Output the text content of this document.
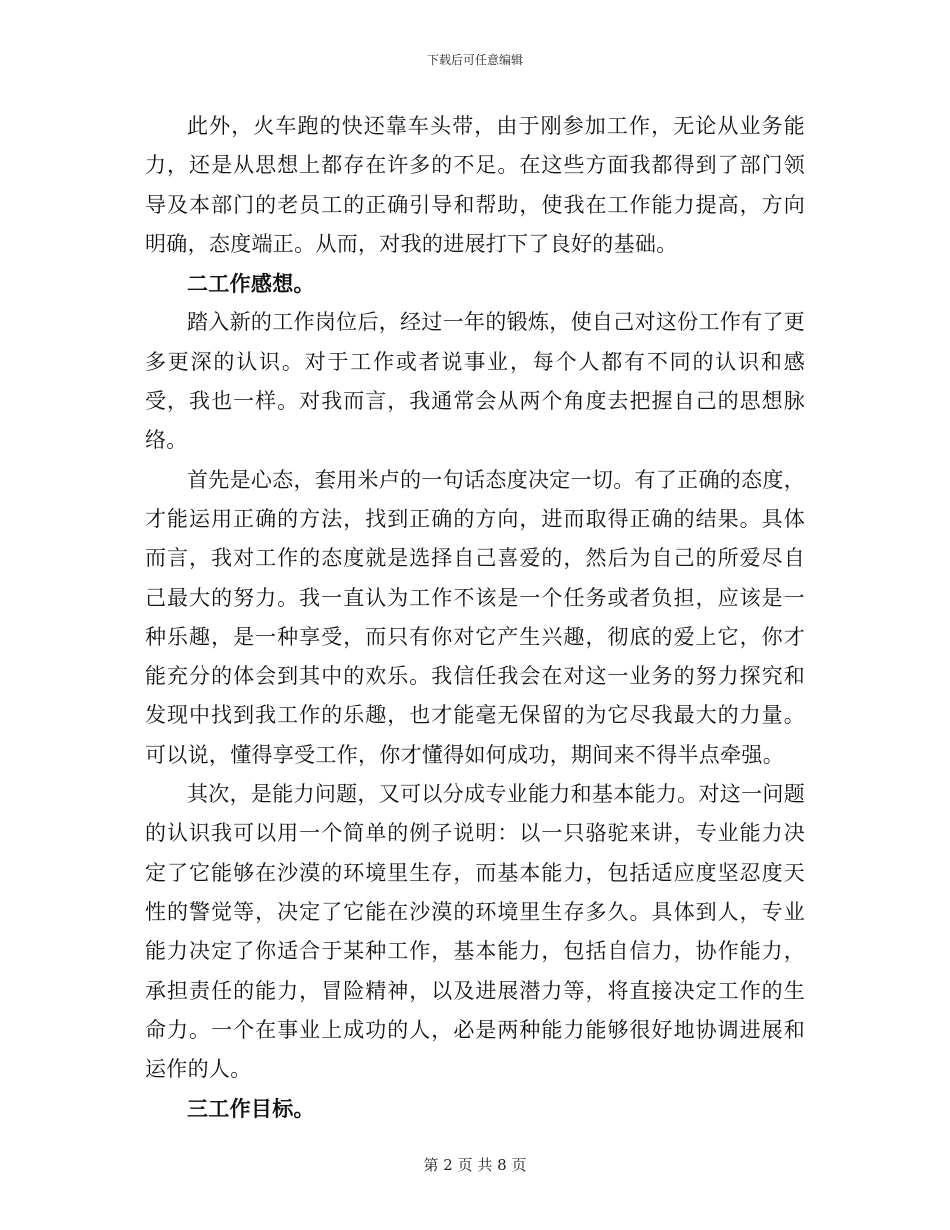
下载后可任意编辑

此外，火车跑的快还靠车头带，由于刚参加工作，无论从业务能力，还是从思想上都存在许多的不足。在这些方面我都得到了部门领导及本部门的老员工的正确引导和帮助，使我在工作能力提高，方向明确，态度端正。从而，对我的进展打下了良好的基础。

二工作感想。

踏入新的工作岗位后，经过一年的锻炼，使自己对这份工作有了更多更深的认识。对于工作或者说事业，每个人都有不同的认识和感受，我也一样。对我而言，我通常会从两个角度去把握自己的思想脉络。

首先是心态，套用米卢的一句话态度决定一切。有了正确的态度，才能运用正确的方法，找到正确的方向，进而取得正确的结果。具体而言，我对工作的态度就是选择自己喜爱的，然后为自己的所爱尽自己最大的努力。我一直认为工作不该是一个任务或者负担，应该是一种乐趣，是一种享受，而只有你对它产生兴趣，彻底的爱上它，你才能充分的体会到其中的欢乐。我信任我会在对这一业务的努力探究和发现中找到我工作的乐趣，也才能毫无保留的为它尽我最大的力量。可以说，懂得享受工作，你才懂得如何成功，期间来不得半点牵强。

其次，是能力问题，又可以分成专业能力和基本能力。对这一问题的认识我可以用一个简单的例子说明：以一只骆驼来讲，专业能力决定了它能够在沙漠的环境里生存，而基本能力，包括适应度坚忍度天性的警觉等，决定了它能在沙漠的环境里生存多久。具体到人，专业能力决定了你适合于某种工作，基本能力，包括自信力，协作能力，承担责任的能力，冒险精神，以及进展潜力等，将直接决定工作的生命力。一个在事业上成功的人，必是两种能力能够很好地协调进展和运作的人。

三工作目标。

第 2 页 共 8 页
